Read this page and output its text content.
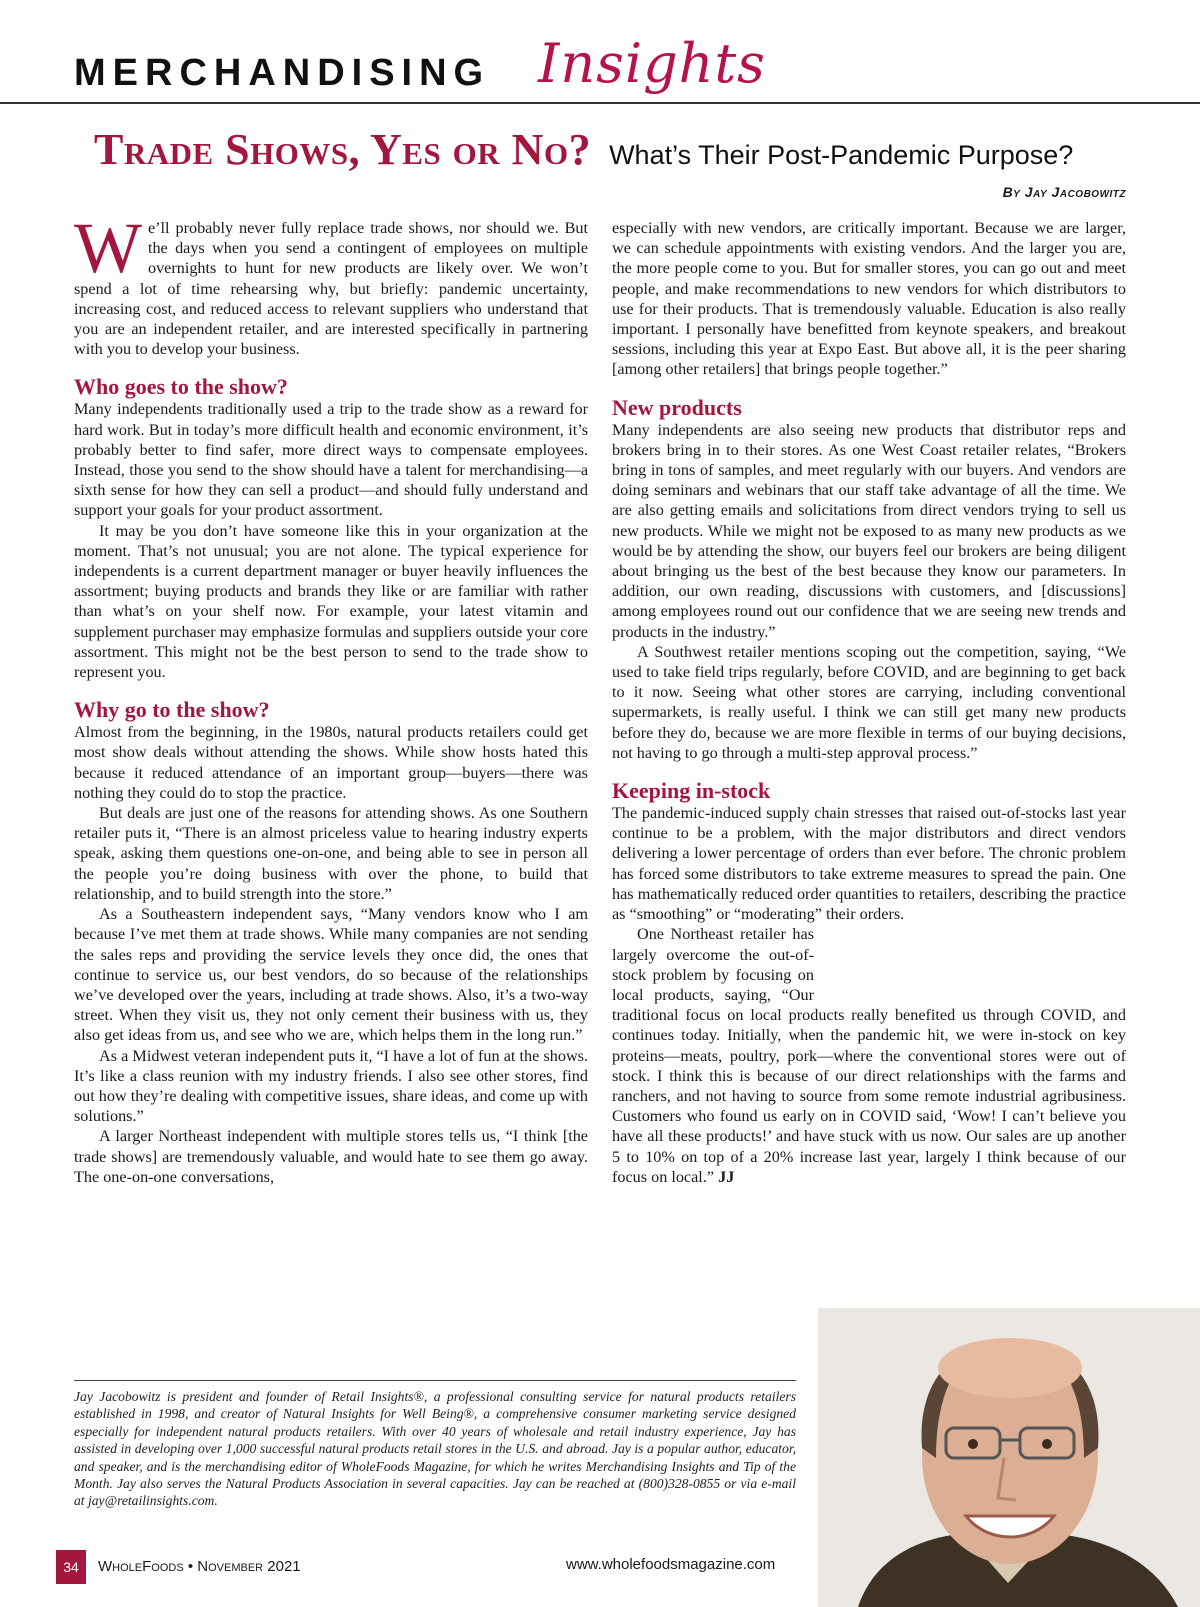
MERCHANDISING Insights
Trade Shows, Yes or No? What’s Their Post-Pandemic Purpose?
By Jay Jacobowitz

We’ll probably never fully replace trade shows, nor should we. But the days when you send a contingent of employees on multiple overnights to hunt for new products are likely over. We won’t spend a lot of time rehearsing why, but briefly: pandemic uncertainty, increasing cost, and reduced access to relevant suppliers who understand that you are an independent retailer, and are interested specifically in partnering with you to develop your business.

Who goes to the show?

Many independents traditionally used a trip to the trade show as a reward for hard work. But in today’s more difficult health and economic environment, it’s probably better to find safer, more direct ways to compensate employees. Instead, those you send to the show should have a talent for merchandising—a sixth sense for how they can sell a product—and should fully understand and support your goals for your product assortment.

It may be you don’t have someone like this in your organization at the moment. That’s not unusual; you are not alone. The typical experience for independents is a current department manager or buyer heavily influences the assortment; buying products and brands they like or are familiar with rather than what’s on your shelf now. For example, your latest vitamin and supplement purchaser may emphasize formulas and suppliers outside your core assortment. This might not be the best person to send to the trade show to represent you.

Why go to the show?

Almost from the beginning, in the 1980s, natural products retailers could get most show deals without attending the shows. While show hosts hated this because it reduced attendance of an important group—buyers—there was nothing they could do to stop the practice.

But deals are just one of the reasons for attending shows. As one Southern retailer puts it, “There is an almost priceless value to hearing industry experts speak, asking them questions one-on-one, and being able to see in person all the people you’re doing business with over the phone, to build that relationship, and to build strength into the store.”

As a Southeastern independent says, “Many vendors know who I am because I’ve met them at trade shows. While many companies are not sending the sales reps and providing the service levels they once did, the ones that continue to service us, our best vendors, do so because of the relationships we’ve developed over the years, including at trade shows. Also, it’s a two-way street. When they visit us, they not only cement their business with us, they also get ideas from us, and see who we are, which helps them in the long run.”

As a Midwest veteran independent puts it, “I have a lot of fun at the shows. It’s like a class reunion with my industry friends. I also see other stores, find out how they’re dealing with competitive issues, share ideas, and come up with solutions.”

A larger Northeast independent with multiple stores tells us, “I think [the trade shows] are tremendously valuable, and would hate to see them go away. The one-on-one conversations,

especially with new vendors, are critically important. Because we are larger, we can schedule appointments with existing vendors. And the larger you are, the more people come to you. But for smaller stores, you can go out and meet people, and make recommendations to new vendors for which distributors to use for their products. That is tremendously valuable. Education is also really important. I personally have benefitted from keynote speakers, and breakout sessions, including this year at Expo East. But above all, it is the peer sharing [among other retailers] that brings people together.”

New products

Many independents are also seeing new products that distributor reps and brokers bring in to their stores. As one West Coast retailer relates, “Brokers bring in tons of samples, and meet regularly with our buyers. And vendors are doing seminars and webinars that our staff take advantage of all the time. We are also getting emails and solicitations from direct vendors trying to sell us new products. While we might not be exposed to as many new products as we would be by attending the show, our buyers feel our brokers are being diligent about bringing us the best of the best because they know our parameters. In addition, our own reading, discussions with customers, and [discussions] among employees round out our confidence that we are seeing new trends and products in the industry.”

A Southwest retailer mentions scoping out the competition, saying, “We used to take field trips regularly, before COVID, and are beginning to get back to it now. Seeing what other stores are carrying, including conventional supermarkets, is really useful. I think we can still get many new products before they do, because we are more flexible in terms of our buying decisions, not having to go through a multi-step approval process.”

Keeping in-stock

The pandemic-induced supply chain stresses that raised out-of-stocks last year continue to be a problem, with the major distributors and direct vendors delivering a lower percentage of orders than ever before. The chronic problem has forced some distributors to take extreme measures to spread the pain. One has mathematically reduced order quantities to retailers, describing the practice as “smoothing” or “moderating” their orders.

One Northeast retailer has largely overcome the out-of-stock problem by focusing on local products, saying, “Our traditional focus on local products really benefited us through COVID, and continues today. Initially, when the pandemic hit, we were in-stock on key proteins—meats, poultry, pork—where the conventional stores were out of stock. I think this is because of our direct relationships with the farms and ranchers, and not having to source from some remote industrial agribusiness. Customers who found us early on in COVID said, ‘Wow! I can’t believe you have all these products!’ and have stuck with us now. Our sales are up another 5 to 10% on top of a 20% increase last year, largely I think because of our focus on local.” JJ

Jay Jacobowitz is president and founder of Retail Insights®, a professional consulting service for natural products retailers established in 1998, and creator of Natural Insights for Well Being®, a comprehensive consumer marketing service designed especially for independent natural products retailers. With over 40 years of wholesale and retail industry experience, Jay has assisted in developing over 1,000 successful natural products retail stores in the U.S. and abroad. Jay is a popular author, educator, and speaker, and is the merchandising editor of WholeFoods Magazine, for which he writes Merchandising Insights and Tip of the Month. Jay also serves the Natural Products Association in several capacities. Jay can be reached at (800)328-0855 or via e-mail at jay@retailinsights.com.
34	WholeFoods • November 2021	www.wholefoodsmagazine.com
